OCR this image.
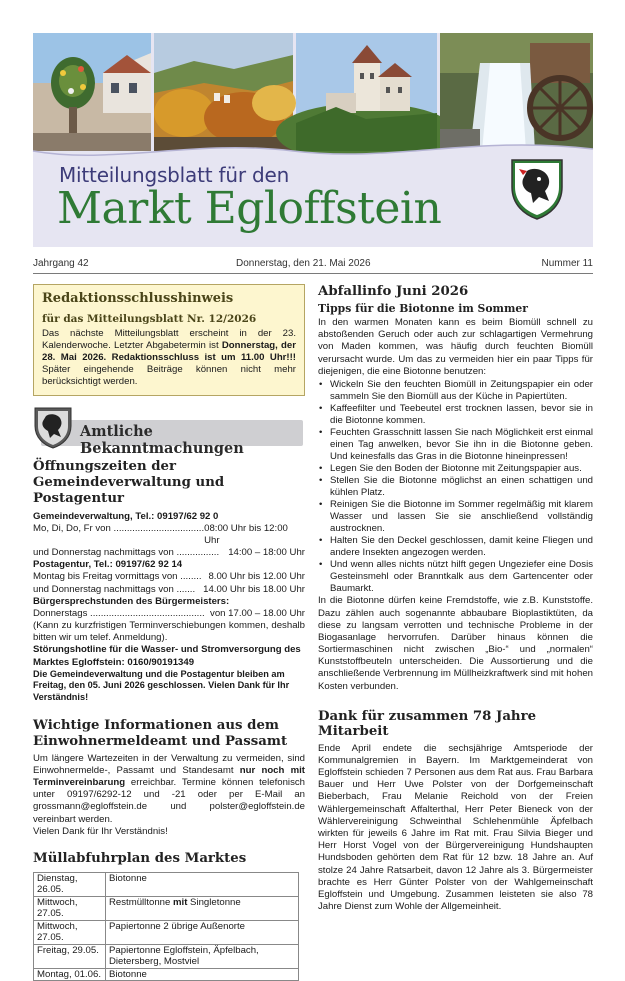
Mitteilungsblatt für den
Markt Egloffstein
Jahrgang 42	Donnerstag, den 21. Mai 2026	Nummer 11
Redaktionsschlusshinweis
für das Mitteilungsblatt Nr. 12/2026

Das nächste Mitteilungsblatt erscheint in der 23. Kalenderwoche. Letzter Abgabetermin ist Donnerstag, der 28. Mai 2026. Redaktionsschluss ist um 11.00 Uhr!!! Später eingehende Beiträge können nicht mehr berücksichtigt werden.

Amtliche Bekanntmachungen
Öffnungszeiten der Gemeindeverwaltung und Postagentur
Gemeindeverwaltung, Tel.: 09197/62 92 0
Mo, Di, Do, Fr von .................................. 08:00 Uhr bis 12:00 Uhr
und Donnerstag nachmittags von ................ 14:00 – 18:00 Uhr
Postagentur, Tel.: 09197/62 92 14
Montag bis Freitag vormittags von ........ 8.00 Uhr bis 12.00 Uhr
und Donnerstag nachmittags von ....... 14.00 Uhr bis 18.00 Uhr
Bürgersprechstunden des Bürgermeisters:
Donnerstags ........................................... von 17.00 – 18.00 Uhr
(Kann zu kurzfristigen Terminverschiebungen kommen, deshalb bitten wir um telef. Anmeldung).
Störungshotline für die Wasser- und Stromversorgung des Marktes Egloffstein: 0160/90191349
Die Gemeindeverwaltung und die Postagentur bleiben am Freitag, den 05. Juni 2026 geschlossen. Vielen Dank für Ihr Verständnis!
Wichtige Informationen aus dem Einwohnermeldeamt und Passamt
Um längere Wartezeiten in der Verwaltung zu vermeiden, sind Einwohnermelde-, Passamt und Standesamt nur noch mit Terminvereinbarung erreichbar. Termine können telefonisch unter 09197/6292-12 und -21 oder per E-Mail an grossmann@egloffstein.de und polster@egloffstein.de vereinbart werden.
Vielen Dank für Ihr Verständnis!
Müllabfuhrplan des Marktes
Dienstag, 26.05.	Biotonne
Mittwoch, 27.05.	Restmülltonne mit Singletonne
Mittwoch, 27.05.	Papiertonne 2 übrige Außenorte
Freitag, 29.05.	Papiertonne Egloffstein, Äpfelbach, Dietersberg, Mostviel
Montag, 01.06.	Biotonne
Abfallinfo Juni 2026
Tipps für die Biotonne im Sommer
In den warmen Monaten kann es beim Biomüll schnell zu abstoßenden Geruch oder auch zur schlagartigen Vermehrung von Maden kommen, was häufig durch feuchten Biomüll verursacht wurde. Um das zu vermeiden hier ein paar Tipps für diejenigen, die eine Biotonne benutzen:
• Wickeln Sie den feuchten Biomüll in Zeitungspapier ein oder sammeln Sie den Biomüll aus der Küche in Papiertüten.
• Kaffeefilter und Teebeutel erst trocknen lassen, bevor sie in die Biotonne kommen.
• Feuchten Grasschnitt lassen Sie nach Möglichkeit erst einmal einen Tag anwelken, bevor Sie ihn in die Biotonne geben. Und keinesfalls das Gras in die Biotonne hineinpressen!
• Legen Sie den Boden der Biotonne mit Zeitungspapier aus.
• Stellen Sie die Biotonne möglichst an einen schattigen und kühlen Platz.
• Reinigen Sie die Biotonne im Sommer regelmäßig mit klarem Wasser und lassen Sie sie anschließend vollständig austrocknen.
• Halten Sie den Deckel geschlossen, damit keine Fliegen und andere Insekten angezogen werden.
• Und wenn alles nichts nützt hilft gegen Ungeziefer eine Dosis Gesteinsmehl oder Branntkalk aus dem Gartencenter oder Baumarkt.
In die Biotonne dürfen keine Fremdstoffe, wie z.B. Kunststoffe. Dazu zählen auch sogenannte abbaubare Bioplastiktüten, da diese zu langsam verrotten und technische Probleme in der Biogasanlage hervorrufen. Darüber hinaus können die Sortiermaschinen nicht zwischen „Bio-“ und „normalen“ Kunststoffbeuteln unterscheiden. Die Aussortierung und die anschließende Verbrennung im Müllheizkraftwerk sind mit hohen Kosten verbunden.
Dank für zusammen 78 Jahre Mitarbeit
Ende April endete die sechsjährige Amtsperiode der Kommunalgremien in Bayern. Im Marktgemeinderat von Egloffstein schieden 7 Personen aus dem Rat aus. Frau Barbara Bauer und Herr Uwe Polster von der Dorfgemeinschaft Bieberbach, Frau Melanie Reichold von der Freien Wählergemeinschaft Affalterthal, Herr Peter Bieneck von der Wählervereinigung Schweinthal Schlehenmühle Äpfelbach wirkten für jeweils 6 Jahre im Rat mit. Frau Silvia Bieger und Herr Horst Vogel von der Bürgervereinigung Hundshaupten Hundsboden gehörten dem Rat für 12 bzw. 18 Jahre an. Auf stolze 24 Jahre Ratsarbeit, davon 12 Jahre als 3. Bürgermeister brachte es Herr Günter Polster von der Wahlgemeinschaft Egloffstein und Umgebung. Zusammen leisteten sie also 78 Jahre Dienst zum Wohle der Allgemeinheit.
